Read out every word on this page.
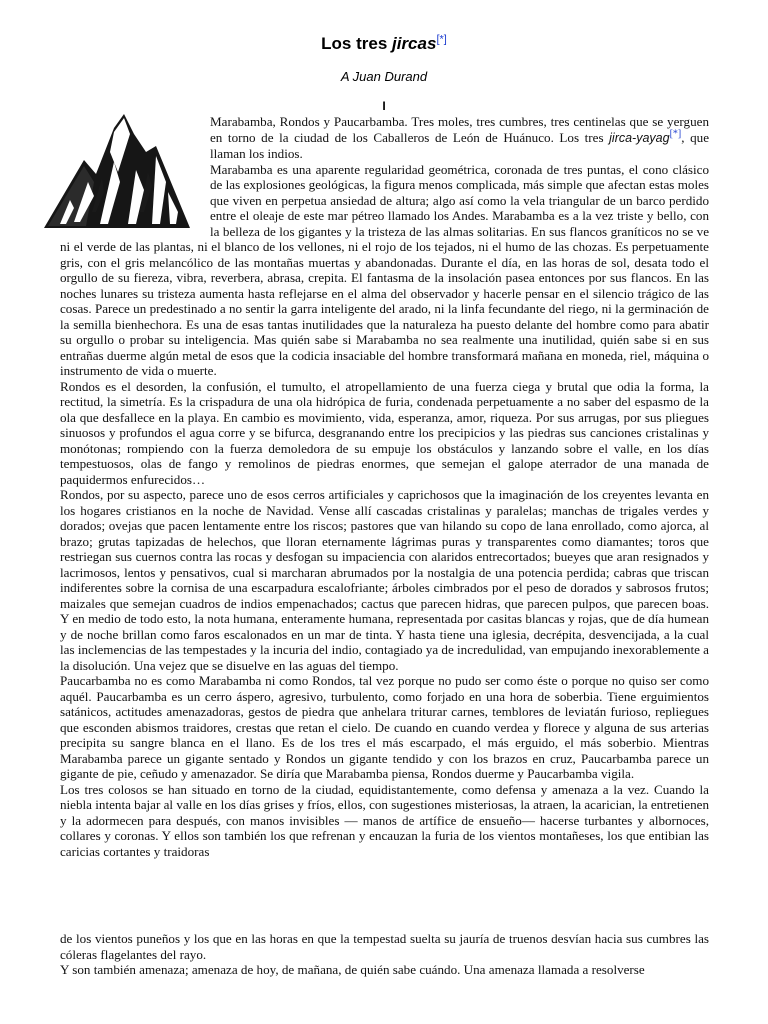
Los tres jircas[*]
A Juan Durand
I

Marabamba, Rondos y Paucarbamba. Tres moles, tres cumbres, tres centinelas que se yerguen en torno de la ciudad de los Caballeros de León de Huánuco. Los tres jirca-yayag[*], que llaman los indios.

Marabamba es una aparente regularidad geométrica, coronada de tres puntas, el cono clásico de las explosiones geológicas, la figura menos complicada, más simple que afectan estas moles que viven en perpetua ansiedad de altura; algo así como la vela triangular de un barco perdido entre el oleaje de este mar pétreo llamado los Andes. Marabamba es a la vez triste y bello, con la belleza de los gigantes y la tristeza de las almas solitarias. En sus flancos graníticos no se ve ni el verde de las plantas, ni el blanco de los vellones, ni el rojo de los tejados, ni el humo de las chozas. Es perpetuamente gris, con el gris melancólico de las montañas muertas y abandonadas. Durante el día, en las horas de sol, desata todo el orgullo de su fiereza, vibra, reverbera, abrasa, crepita. El fantasma de la insolación pasea entonces por sus flancos. En las noches lunares su tristeza aumenta hasta reflejarse en el alma del observador y hacerle pensar en el silencio trágico de las cosas. Parece un predestinado a no sentir la garra inteligente del arado, ni la linfa fecundante del riego, ni la germinación de la semilla bienhechora. Es una de esas tantas inutilidades que la naturaleza ha puesto delante del hombre como para abatir su orgullo o probar su inteligencia. Mas quién sabe si Marabamba no sea realmente una inutilidad, quién sabe si en sus entrañas duerme algún metal de esos que la codicia insaciable del hombre transformará mañana en moneda, riel, máquina o instrumento de vida o muerte.

Rondos es el desorden, la confusión, el tumulto, el atropellamiento de una fuerza ciega y brutal que odia la forma, la rectitud, la simetría. Es la crispadura de una ola hidrópica de furia, condenada perpetuamente a no saber del espasmo de la ola que desfallece en la playa. En cambio es movimiento, vida, esperanza, amor, riqueza. Por sus arrugas, por sus pliegues sinuosos y profundos el agua corre y se bifurca, desgranando entre los precipicios y las piedras sus canciones cristalinas y monótonas; rompiendo con la fuerza demoledora de su empuje los obstáculos y lanzando sobre el valle, en los días tempestuosos, olas de fango y remolinos de piedras enormes, que semejan el galope aterrador de una manada de paquidermos enfurecidos…

Rondos, por su aspecto, parece uno de esos cerros artificiales y caprichosos que la imaginación de los creyentes levanta en los hogares cristianos en la noche de Navidad. Vense allí cascadas cristalinas y paralelas; manchas de trigales verdes y dorados; ovejas que pacen lentamente entre los riscos; pastores que van hilando su copo de lana enrollado, como ajorca, al brazo; grutas tapizadas de helechos, que lloran eternamente lágrimas puras y transparentes como diamantes; toros que restriegan sus cuernos contra las rocas y desfogan su impaciencia con alaridos entrecortados; bueyes que aran resignados y lacrimosos, lentos y pensativos, cual si marcharan abrumados por la nostalgia de una potencia perdida; cabras que triscan indiferentes sobre la cornisa de una escarpadura escalofriante; árboles cimbrados por el peso de dorados y sabrosos frutos; maizales que semejan cuadros de indios empenachados; cactus que parecen hidras, que parecen pulpos, que parecen boas. Y en medio de todo esto, la nota humana, enteramente humana, representada por casitas blancas y rojas, que de día humean y de noche brillan como faros escalonados en un mar de tinta. Y hasta tiene una iglesia, decrépita, desvencijada, a la cual las inclemencias de las tempestades y la incuria del indio, contagiado ya de incredulidad, van empujando inexorablemente a la disolución. Una vejez que se disuelve en las aguas del tiempo.

Paucarbamba no es como Marabamba ni como Rondos, tal vez porque no pudo ser como éste o porque no quiso ser como aquél. Paucarbamba es un cerro áspero, agresivo, turbulento, como forjado en una hora de soberbia. Tiene erguimientos satánicos, actitudes amenazadoras, gestos de piedra que anhelara triturar carnes, temblores de leviatán furioso, repliegues que esconden abismos traidores, crestas que retan el cielo. De cuando en cuando verdea y florece y alguna de sus arterias precipita su sangre blanca en el llano. Es de los tres el más escarpado, el más erguido, el más soberbio. Mientras Marabamba parece un gigante sentado y Rondos un gigante tendido y con los brazos en cruz, Paucarbamba parece un gigante de pie, ceñudo y amenazador. Se diría que Marabamba piensa, Rondos duerme y Paucarbamba vigila.

Los tres colosos se han situado en torno de la ciudad, equidistantemente, como defensa y amenaza a la vez. Cuando la niebla intenta bajar al valle en los días grises y fríos, ellos, con sugestiones misteriosas, la atraen, la acarician, la entretienen y la adormecen para después, con manos invisibles — manos de artífice de ensueño— hacerse turbantes y albornoces, collares y coronas. Y ellos son también los que refrenan y encauzan la furia de los vientos montañeses, los que entibian las caricias cortantes y traidoras

de los vientos puneños y los que en las horas en que la tempestad suelta su jauría de truenos desvían hacia sus cumbres las cóleras flagelantes del rayo.

Y son también amenaza; amenaza de hoy, de mañana, de quién sabe cuándo. Una amenaza llamada a resolverse
